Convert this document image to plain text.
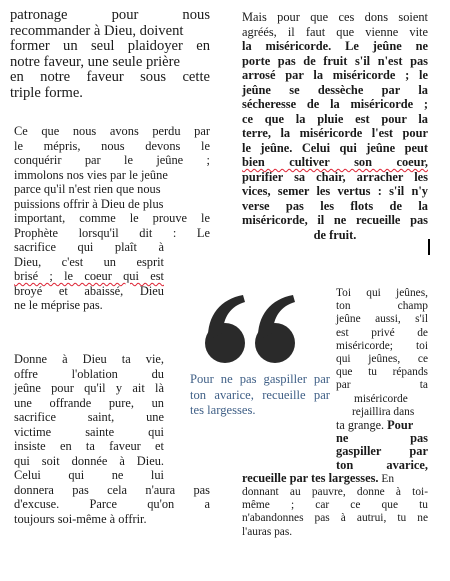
patronage pour nous
recommander à Dieu, doivent
former un seul plaidoyer en
notre faveur, une seule prière
en notre faveur sous cette
triple forme.
Ce que nous avons perdu par
le mépris, nous devons le
conquérir par le jeûne ;
immolons nos vies par le jeûne
parce qu'il n'est rien que nous
puissions offrir à Dieu de plus
important, comme le prouve le
Prophète lorsqu'il dit : Le
sacrifice qui plaît à
Dieu, c'est un esprit
brisé ; le coeur qui est
broyé et abaissé, Dieu
ne le méprise pas.
Donne à Dieu ta vie,
offre l'oblation du
jeûne pour qu'il y ait là
une offrande pure, un
sacrifice saint, une
victime sainte qui
insiste en ta faveur et
qui soit donnée à Dieu.
Celui qui ne lui
donnera pas cela n'aura pas
d'excuse. Parce qu'on a
toujours soi-même à offrir.
Mais pour que ces dons soient
agréés, il faut que vienne vite
la miséricorde. Le jeûne ne
porte pas de fruit s'il n'est pas
arrosé par la miséricorde ; le
jeûne se dessèche par la
sécheresse de la miséricorde ;
ce que la pluie est pour la
terre, la miséricorde l'est pour
le jeûne. Celui qui jeûne peut
bien cultiver son coeur,
purifier sa chair, arracher les
vices, semer les vertus : s'il n'y
verse pas les flots de la
miséricorde, il ne recueille pas
de fruit.
Toi qui jeûnes,
ton champ
jeûne aussi, s'il
est privé de
miséricorde; toi
qui jeûnes, ce
que tu répands
par ta
miséricorde
rejaillira dans
ta grange. Pour
ne pas
gaspiller par
ton avarice,
recueille par tes largesses. En
donnant au pauvre, donne à toi-
même ; car ce que tu
n'abandonnes pas à autrui, tu ne
l'auras pas.
Pour ne pas gaspiller par ton avarice, recueille par tes largesses.
